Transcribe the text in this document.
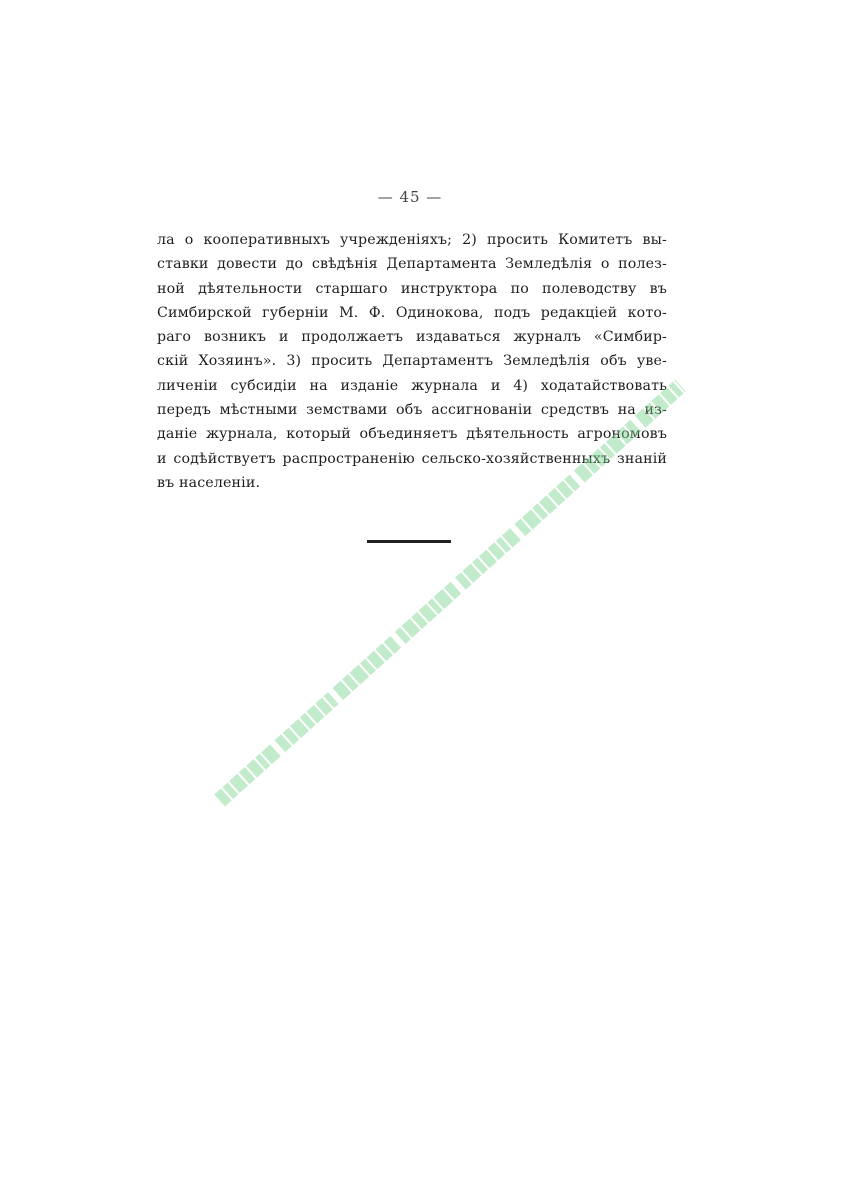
— 45 —
ла о кооперативныхъ учрежденіяхъ; 2) просить Комитетъ вы-
ставки довести до свѣдѣнія Департамента Земледѣлія о полез-
ной дѣятельности старшаго инструктора по полеводству въ
Симбирской губерніи М. Ф. Одинокова, подъ редакціей кото-
раго возникъ и продолжаетъ издаваться журналъ «Симбир-
скій Хозяинъ». 3) просить Департаментъ Земледѣлія объ уве-
личеніи субсидіи на изданіе журнала и 4) ходатайствовать
передъ мѣстными земствами объ ассигнованіи средствъ на из-
даніе журнала, который объединяетъ дѣятельность агрономовъ
и содѣйствуетъ распространенію сельско-хозяйственныхъ знаній
въ населеніи.
